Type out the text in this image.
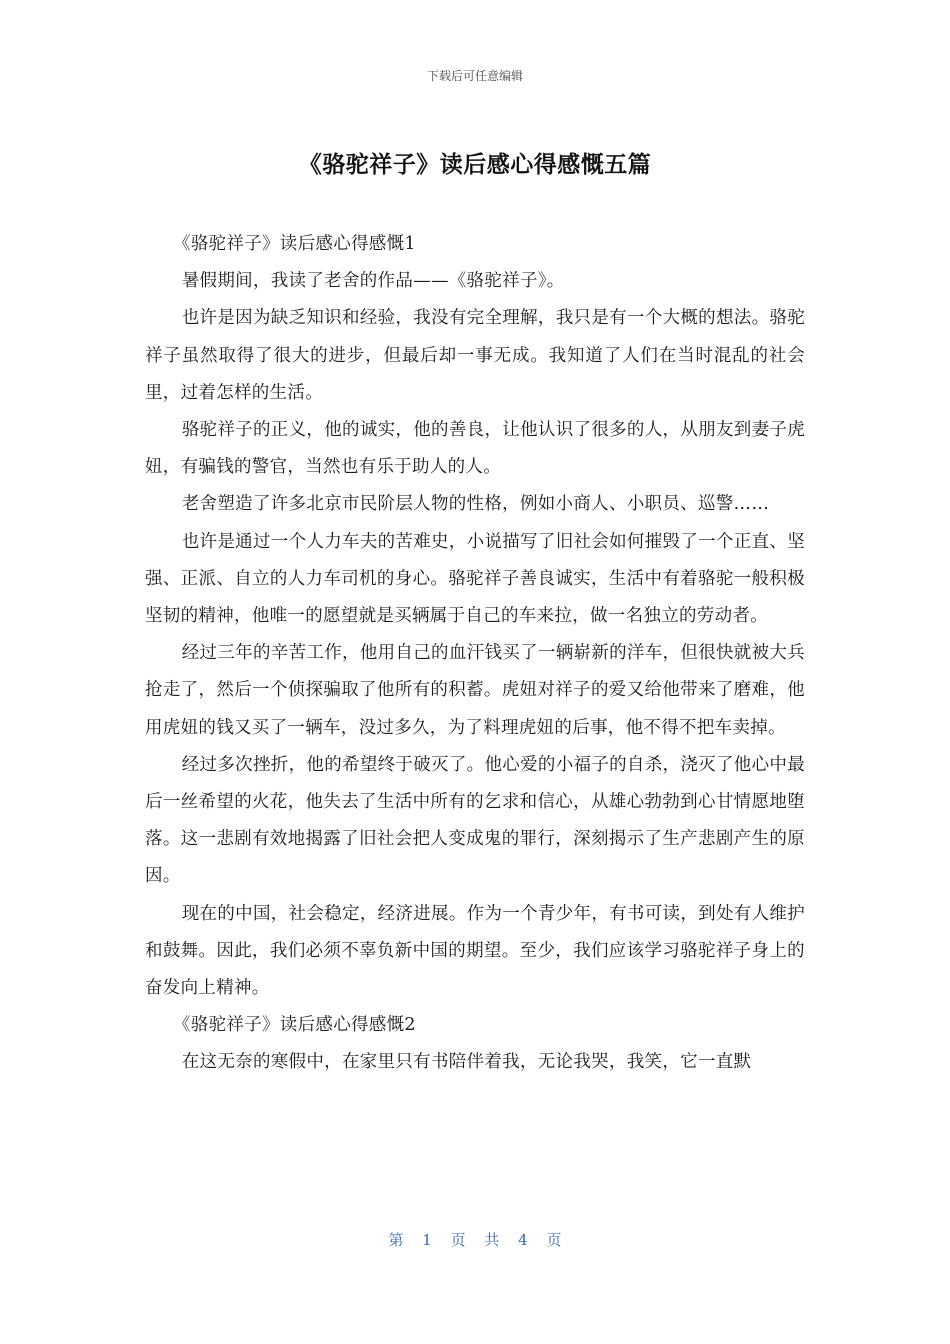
下载后可任意编辑
《骆驼祥子》读后感心得感慨五篇

《骆驼祥子》读后感心得感慨1

暑假期间，我读了老舍的作品——《骆驼祥子》。

也许是因为缺乏知识和经验，我没有完全理解，我只是有一个大概的想法。骆驼祥子虽然取得了很大的进步，但最后却一事无成。我知道了人们在当时混乱的社会里，过着怎样的生活。

骆驼祥子的正义，他的诚实，他的善良，让他认识了很多的人，从朋友到妻子虎妞，有骗钱的警官，当然也有乐于助人的人。

老舍塑造了许多北京市民阶层人物的性格，例如小商人、小职员、巡警……

也许是通过一个人力车夫的苦难史，小说描写了旧社会如何摧毁了一个正直、坚强、正派、自立的人力车司机的身心。骆驼祥子善良诚实，生活中有着骆驼一般积极坚韧的精神，他唯一的愿望就是买辆属于自己的车来拉，做一名独立的劳动者。

经过三年的辛苦工作，他用自己的血汗钱买了一辆崭新的洋车，但很快就被大兵抢走了，然后一个侦探骗取了他所有的积蓄。虎妞对祥子的爱又给他带来了磨难，他用虎妞的钱又买了一辆车，没过多久，为了料理虎妞的后事，他不得不把车卖掉。

经过多次挫折，他的希望终于破灭了。他心爱的小福子的自杀，浇灭了他心中最后一丝希望的火花，他失去了生活中所有的乞求和信心，从雄心勃勃到心甘情愿地堕落。这一悲剧有效地揭露了旧社会把人变成鬼的罪行，深刻揭示了生产悲剧产生的原因。

现在的中国，社会稳定，经济进展。作为一个青少年，有书可读，到处有人维护和鼓舞。因此，我们必须不辜负新中国的期望。至少，我们应该学习骆驼祥子身上的奋发向上精神。

《骆驼祥子》读后感心得感慨2

在这无奈的寒假中，在家里只有书陪伴着我，无论我哭，我笑，它一直默

第 1 页 共 4 页
